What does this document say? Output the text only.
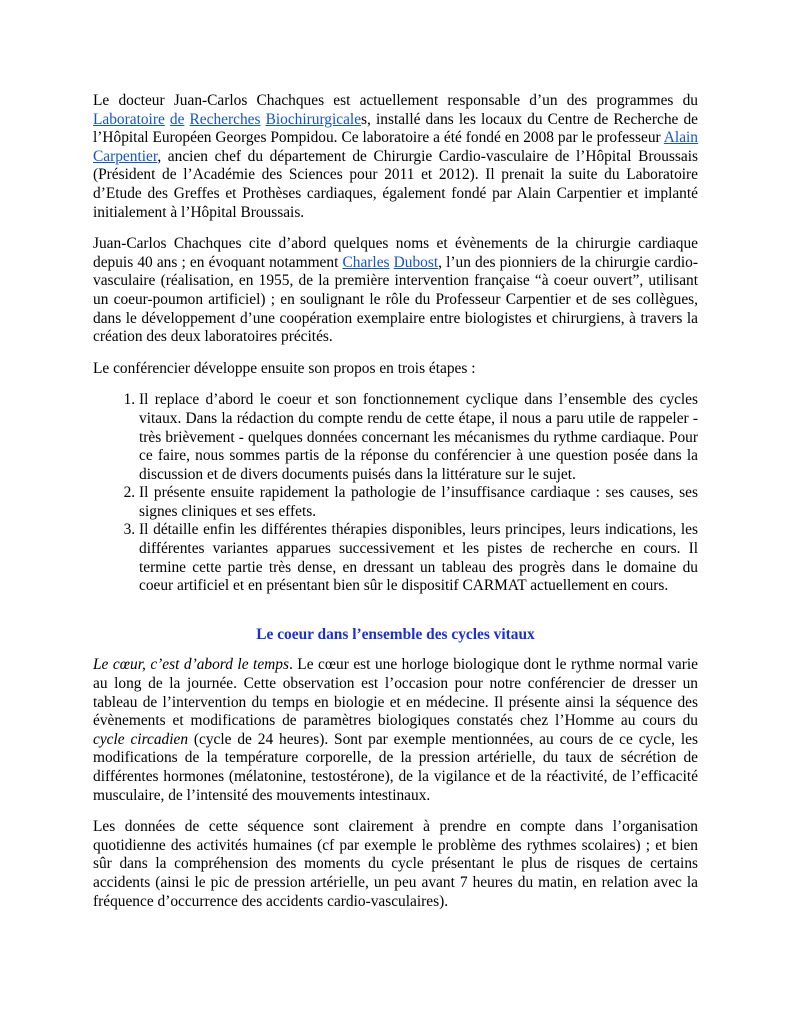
Le docteur Juan-Carlos Chachques est actuellement responsable d’un des programmes du Laboratoire de Recherches Biochirurgicales, installé dans les locaux du Centre de Recherche de l’Hôpital Européen Georges Pompidou. Ce laboratoire a été fondé en 2008 par le professeur Alain Carpentier, ancien chef du département de Chirurgie Cardio-vasculaire de l’Hôpital Broussais (Président de l’Académie des Sciences pour 2011 et 2012). Il prenait la suite du Laboratoire d’Etude des Greffes et Prothèses cardiaques, également fondé par Alain Carpentier et implanté initialement à l’Hôpital Broussais.

Juan-Carlos Chachques cite d’abord quelques noms et évènements de la chirurgie cardiaque depuis 40 ans ; en évoquant notamment Charles Dubost, l’un des pionniers de la chirurgie cardio-vasculaire (réalisation, en 1955, de la première intervention française “à coeur ouvert”, utilisant un coeur-poumon artificiel) ; en soulignant le rôle du Professeur Carpentier et de ses collègues, dans le développement d’une coopération exemplaire entre biologistes et chirurgiens, à travers la création des deux laboratoires précités.

Le conférencier développe ensuite son propos en trois étapes :

1. Il replace d’abord le coeur et son fonctionnement cyclique dans l’ensemble des cycles vitaux. Dans la rédaction du compte rendu de cette étape, il nous a paru utile de rappeler - très brièvement - quelques données concernant les mécanismes du rythme cardiaque. Pour ce faire, nous sommes partis de la réponse du conférencier à une question posée dans la discussion et de divers documents puisés dans la littérature sur le sujet.
2. Il présente ensuite rapidement la pathologie de l’insuffisance cardiaque : ses causes, ses signes cliniques et ses effets.
3. Il détaille enfin les différentes thérapies disponibles, leurs principes, leurs indications, les différentes variantes apparues successivement et les pistes de recherche en cours. Il termine cette partie très dense, en dressant un tableau des progrès dans le domaine du coeur artificiel et en présentant bien sûr le dispositif CARMAT actuellement en cours.
Le coeur dans l’ensemble des cycles vitaux

Le cœur, c’est d’abord le temps. Le cœur est une horloge biologique dont le rythme normal varie au long de la journée. Cette observation est l’occasion pour notre conférencier de dresser un tableau de l’intervention du temps en biologie et en médecine. Il présente ainsi la séquence des évènements et modifications de paramètres biologiques constatés chez l’Homme au cours du cycle circadien (cycle de 24 heures). Sont par exemple mentionnées, au cours de ce cycle, les modifications de la température corporelle, de la pression artérielle, du taux de sécrétion de différentes hormones (mélatonine, testostérone), de la vigilance et de la réactivité, de l’efficacité musculaire, de l’intensité des mouvements intestinaux.

Les données de cette séquence sont clairement à prendre en compte dans l’organisation quotidienne des activités humaines (cf par exemple le problème des rythmes scolaires) ; et bien sûr dans la compréhension des moments du cycle présentant le plus de risques de certains accidents (ainsi le pic de pression artérielle, un peu avant 7 heures du matin, en relation avec la fréquence d’occurrence des accidents cardio-vasculaires).
